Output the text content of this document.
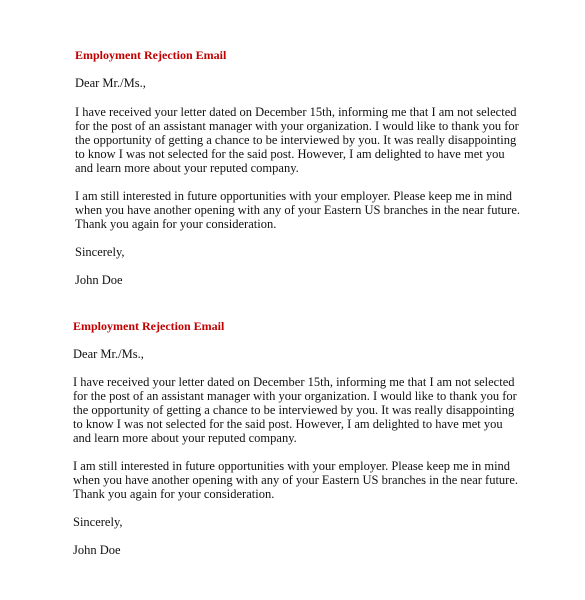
Employment Rejection Email
Dear Mr./Ms.,
I have received your letter dated on December 15th, informing me that I am not selected
for the post of an assistant manager with your organization. I would like to thank you for
the opportunity of getting a chance to be interviewed by you. It was really disappointing
to know I was not selected for the said post. However, I am delighted to have met you
and learn more about your reputed company.
I am still interested in future opportunities with your employer. Please keep me in mind
when you have another opening with any of your Eastern US branches in the near future.
Thank you again for your consideration.
Sincerely,
John Doe
Employment Rejection Email
Dear Mr./Ms.,
I have received your letter dated on December 15th, informing me that I am not selected
for the post of an assistant manager with your organization. I would like to thank you for
the opportunity of getting a chance to be interviewed by you. It was really disappointing
to know I was not selected for the said post. However, I am delighted to have met you
and learn more about your reputed company.
I am still interested in future opportunities with your employer. Please keep me in mind
when you have another opening with any of your Eastern US branches in the near future.
Thank you again for your consideration.
Sincerely,
John Doe
